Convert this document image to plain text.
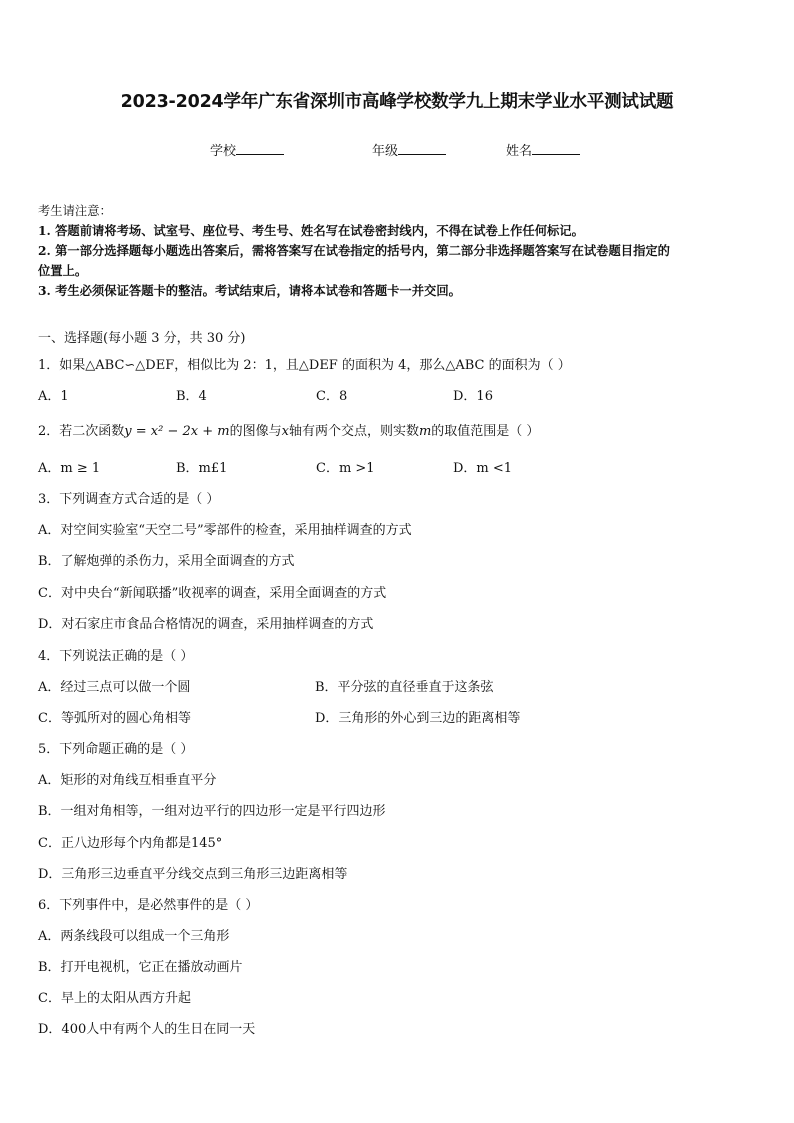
2023-2024学年广东省深圳市高峰学校数学九上期末学业水平测试试题
学校	年级	姓名
考生请注意：
1. 答题前请将考场、试室号、座位号、考生号、姓名写在试卷密封线内，不得在试卷上作任何标记。
2. 第一部分选择题每小题选出答案后，需将答案写在试卷指定的括号内，第二部分非选择题答案写在试卷题目指定的
位置上。
3. 考生必须保证答题卡的整洁。考试结束后，请将本试卷和答题卡一并交回。
一、选择题(每小题 3 分，共 30 分)
1．如果△ABC∽△DEF，相似比为 2：1，且△DEF 的面积为 4，那么△ABC 的面积为（ ）
A．1	B．4	C．8	D．16
2．若二次函数y = x² − 2x + m的图像与x轴有两个交点，则实数m的取值范围是（ ）
A．m ≥ 1	B．m£1	C．m >1	D．m <1
3．下列调查方式合适的是（ ）
A．对空间实验室“天空二号”零部件的检查，采用抽样调查的方式
B．了解炮弹的杀伤力，采用全面调查的方式
C．对中央台“新闻联播”收视率的调查，采用全面调查的方式
D．对石家庄市食品合格情况的调查，采用抽样调查的方式
4．下列说法正确的是（ ）
A．经过三点可以做一个圆	B．平分弦的直径垂直于这条弦
C．等弧所对的圆心角相等	D．三角形的外心到三边的距离相等
5．下列命题正确的是（ ）
A．矩形的对角线互相垂直平分
B．一组对角相等，一组对边平行的四边形一定是平行四边形
C．正八边形每个内角都是145°
D．三角形三边垂直平分线交点到三角形三边距离相等
6．下列事件中，是必然事件的是（ ）
A．两条线段可以组成一个三角形
B．打开电视机，它正在播放动画片
C．早上的太阳从西方升起
D．400人中有两个人的生日在同一天
